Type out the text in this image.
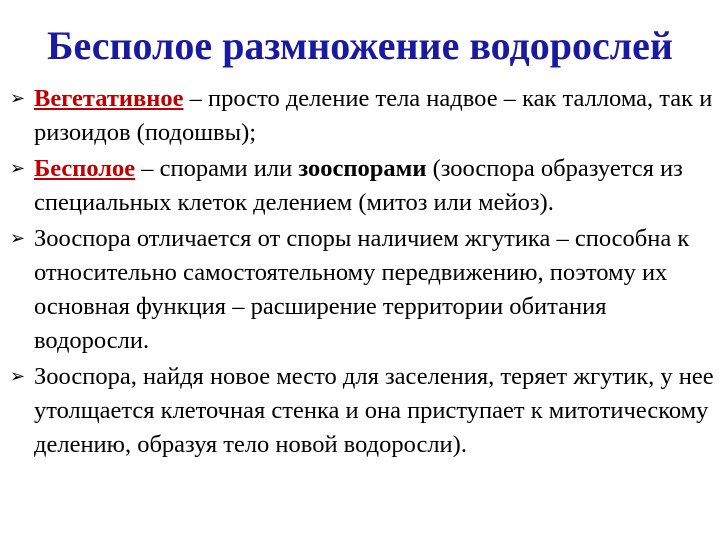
Бесполое размножение водорослей
➢ Вегетативное – просто деление тела надвое – как таллома, так и ризоидов (подошвы);
➢ Бесполое – спорами или зооспорами (зооспора образуется из специальных клеток делением (митоз или мейоз).
➢ Зооспора отличается от споры наличием жгутика – способна к относительно самостоятельному передвижению, поэтому их основная функция – расширение территории обитания водоросли.
➢ Зооспора, найдя новое место для заселения, теряет жгутик, у нее утолщается клеточная стенка и она приступает к митотическому делению, образуя тело новой водоросли).
